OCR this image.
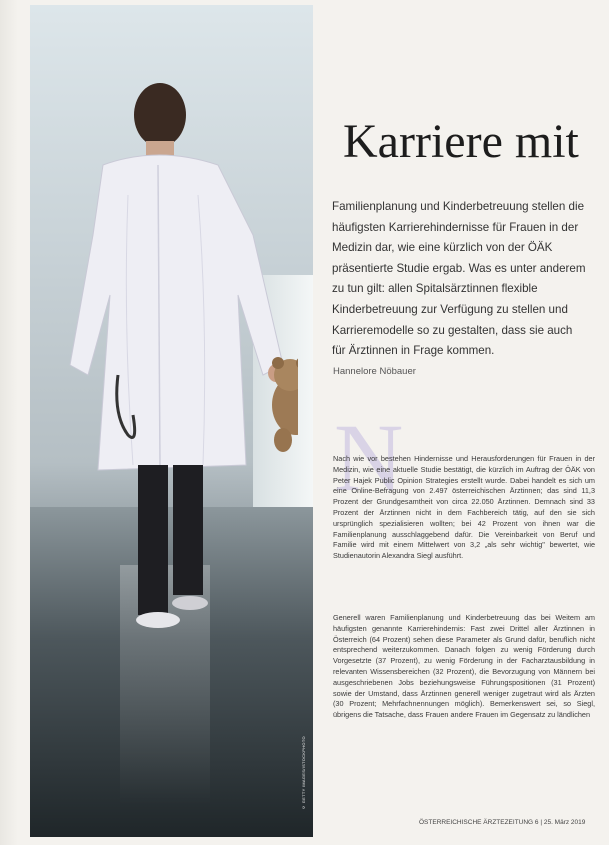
© GETTY IMAGES/ISTOCKPHOTO
Karriere mit

Familienplanung und Kinderbetreuung stellen die häufigsten Karrierehindernisse für Frauen in der Medizin dar, wie eine kürzlich von der ÖÄK präsentierte Studie ergab. Was es unter anderem zu tun gilt: allen Spitalsärztinnen flexible Kinderbetreuung zur Verfügung zu stellen und Karrieremodelle so zu gestalten, dass sie auch für Ärztinnen in Frage kommen.

Hannelore Nöbauer

N

Nach wie vor bestehen Hindernisse und Herausforderungen für Frauen in der Medizin, wie eine aktuelle Studie bestätigt, die kürzlich im Auftrag der ÖÄK von Peter Hajek Public Opinion Strategies erstellt wurde. Dabei handelt es sich um eine Online-Befragung von 2.497 österreichischen Ärztinnen; das sind 11,3 Prozent der Grundgesamtheit von circa 22.050 Ärztinnen. Demnach sind 33 Prozent der Ärztinnen nicht in dem Fachbereich tätig, auf den sie sich ursprünglich spezialisieren wollten; bei 42 Prozent von ihnen war die Familienplanung ausschlaggebend dafür. Die Vereinbarkeit von Beruf und Familie wird mit einem Mittelwert von 3,2 „als sehr wichtig" bewertet, wie Studienautorin Alexandra Siegl ausführt.

Generell waren Familienplanung und Kinderbetreuung das bei Weitem am häufigsten genannte Karrierehindernis: Fast zwei Drittel aller Ärztinnen in Österreich (64 Prozent) sehen diese Parameter als Grund dafür, beruflich nicht entsprechend weiterzukommen. Danach folgen zu wenig Förderung durch Vorgesetzte (37 Prozent), zu wenig Förderung in der Facharztausbildung in relevanten Wissensbereichen (32 Prozent), die Bevorzugung von Männern bei ausgeschriebenen Jobs beziehungsweise Führungspositionen (31 Prozent) sowie der Umstand, dass Ärztinnen generell weniger zugetraut wird als Ärzten (30 Prozent; Mehrfachnennungen möglich). Bemerkenswert sei, so Siegl, übrigens die Tatsache, dass Frauen andere Frauen im Gegensatz zu ländlichen

ÖSTERREICHISCHE ÄRZTEZEITUNG 6 | 25. März 2019
